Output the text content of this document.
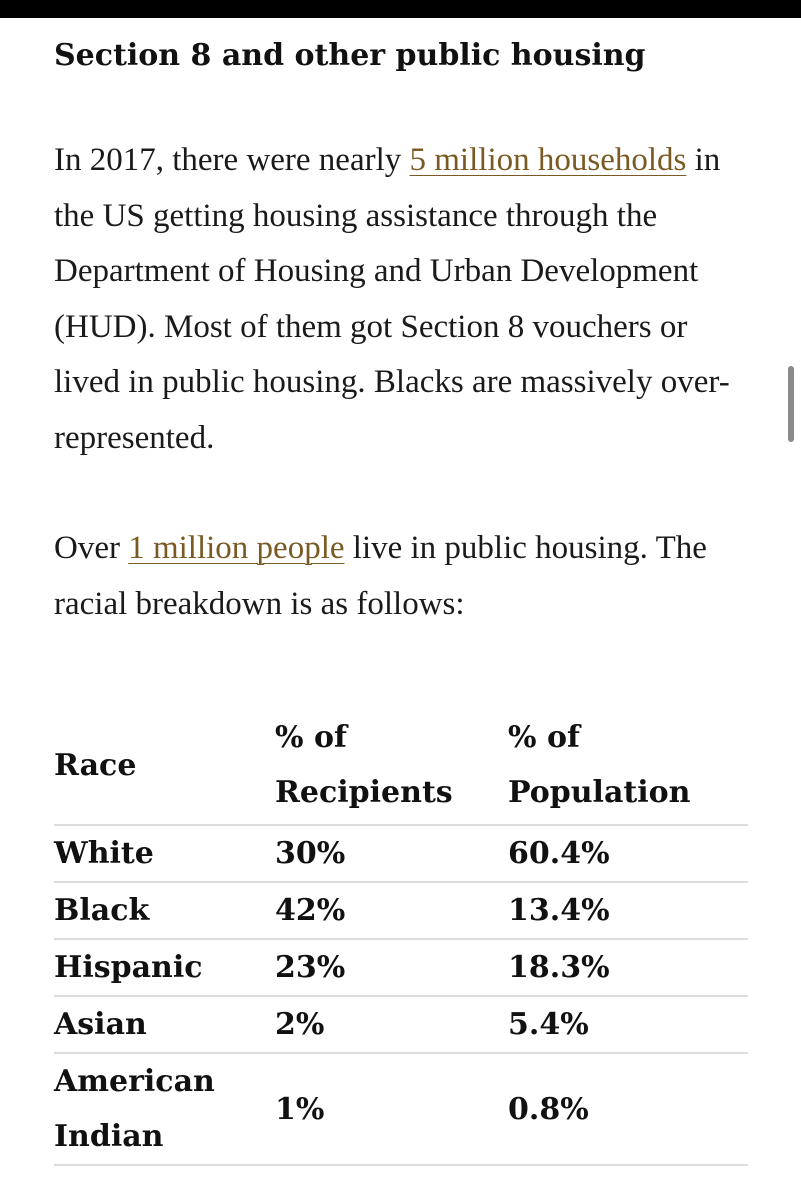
Section 8 and other public housing

In 2017, there were nearly 5 million households in the US getting housing assistance through the Department of Housing and Urban Development (HUD). Most of them got Section 8 vouchers or lived in public housing. Blacks are massively over-represented.

Over 1 million people live in public housing. The racial breakdown is as follows:

Race	% of Recipients	% of Population
White	30%	60.4%
Black	42%	13.4%
Hispanic	23%	18.3%
Asian	2%	5.4%
American Indian	1%	0.8%
